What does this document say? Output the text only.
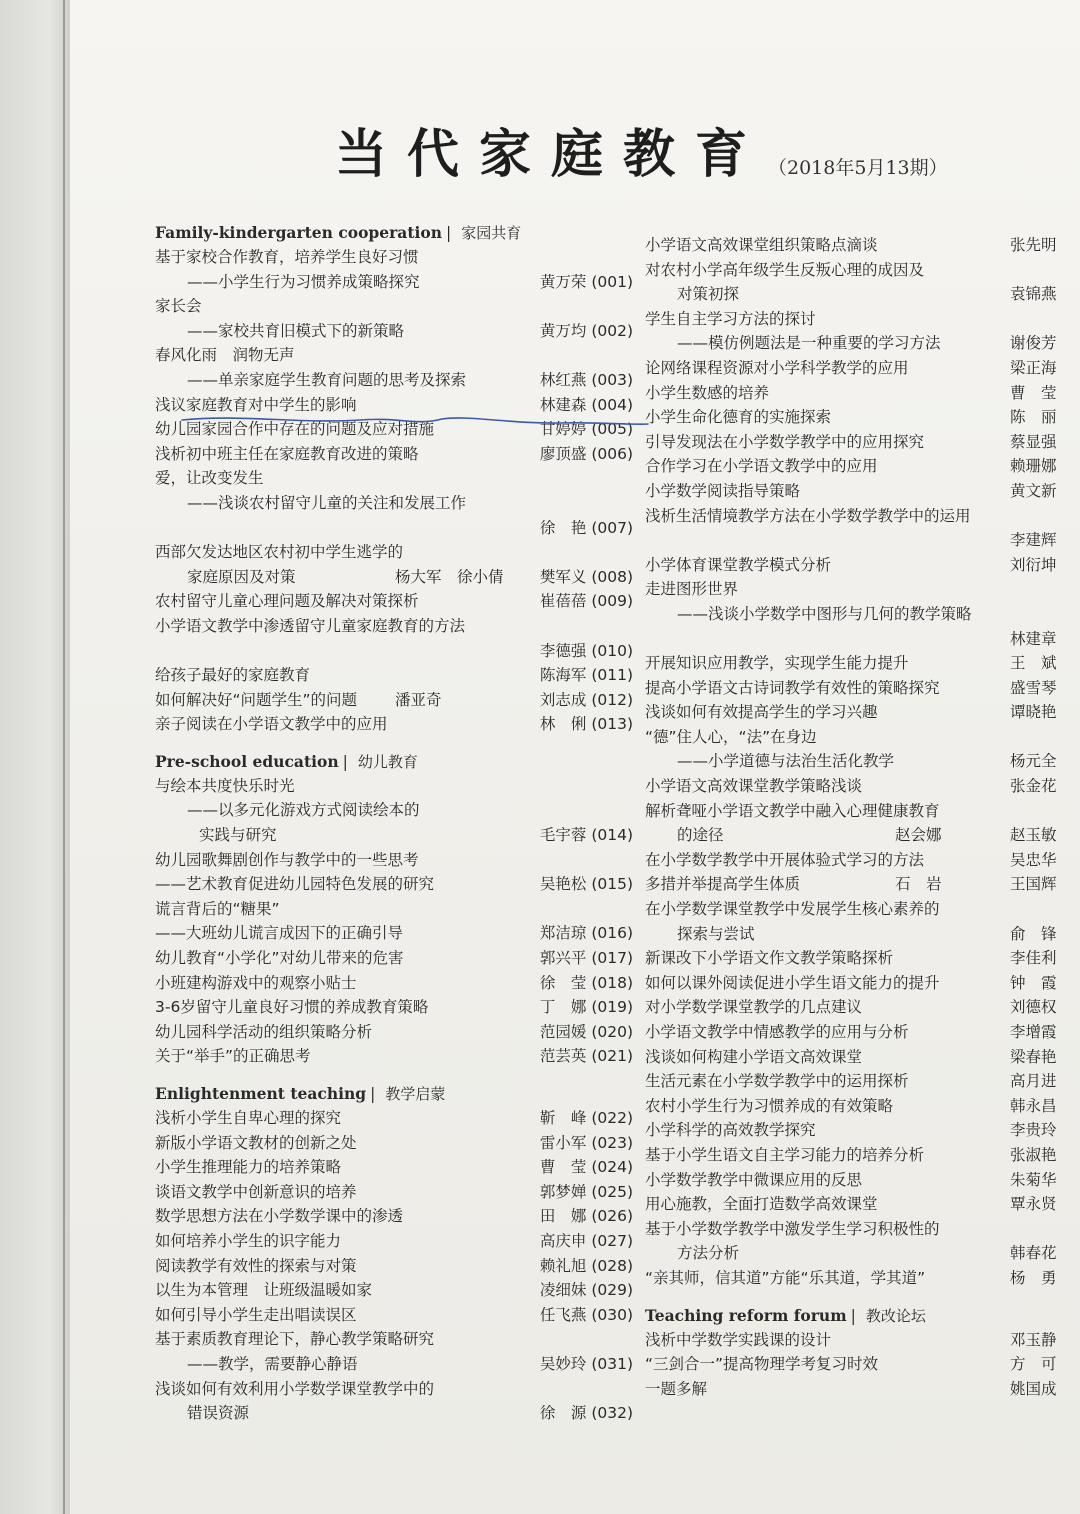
当代家庭教育 （2018年5月13期）
Family-kindergarten cooperation | 家园共育
基于家校合作教育，培养学生良好习惯
——小学生行为习惯养成策略探究	黄万荣 (001)
家长会
——家校共育旧模式下的新策略	黄万均 (002)
春风化雨　润物无声
——单亲家庭学生教育问题的思考及探索	林红燕 (003)
浅议家庭教育对中学生的影响	林建森 (004)
幼儿园家园合作中存在的问题及应对措施	甘婷婷 (005)
浅析初中班主任在家庭教育改进的策略	廖顶盛 (006)
爱，让改变发生
——浅谈农村留守儿童的关注和发展工作
徐　艳 (007)
西部欠发达地区农村初中学生逃学的
家庭原因及对策	杨大军　徐小倩 樊军义 (008)
农村留守儿童心理问题及解决对策探析	崔蓓蓓 (009)
小学语文教学中渗透留守儿童家庭教育的方法
李德强 (010)
给孩子最好的家庭教育	陈海军 (011)
如何解决好“问题学生”的问题 潘亚奇	刘志成 (012)
亲子阅读在小学语文教学中的应用	林　俐 (013)
Pre-school education | 幼儿教育
与绘本共度快乐时光
——以多元化游戏方式阅读绘本的
实践与研究	毛宇蓉 (014)
幼儿园歌舞剧创作与教学中的一些思考
——艺术教育促进幼儿园特色发展的研究	吴艳松 (015)
谎言背后的“糖果”
——大班幼儿谎言成因下的正确引导	郑洁琼 (016)
幼儿教育“小学化”对幼儿带来的危害	郭兴平 (017)
小班建构游戏中的观察小贴士	徐　莹 (018)
3-6岁留守儿童良好习惯的养成教育策略	丁　娜 (019)
幼儿园科学活动的组织策略分析	范园媛 (020)
关于“举手”的正确思考	范芸英 (021)
Enlightenment teaching | 教学启蒙
浅析小学生自卑心理的探究	靳　峰 (022)
新版小学语文教材的创新之处	雷小军 (023)
小学生推理能力的培养策略	曹　莹 (024)
谈语文教学中创新意识的培养	郭梦婵 (025)
数学思想方法在小学数学课中的渗透	田　娜 (026)
如何培养小学生的识字能力	高庆申 (027)
阅读教学有效性的探索与对策	赖礼旭 (028)
以生为本管理　让班级温暖如家	凌细妹 (029)
如何引导小学生走出唱读误区	任飞燕 (030)
基于素质教育理论下，静心教学策略研究
——教学，需要静心静语	吴妙玲 (031)
浅谈如何有效利用小学数学课堂教学中的
错误资源	徐　源 (032)
小学语文高效课堂组织策略点滴谈	张先明
对农村小学高年级学生反叛心理的成因及
对策初探	袁锦燕
学生自主学习方法的探讨
——模仿例题法是一种重要的学习方法	谢俊芳
论网络课程资源对小学科学教学的应用	梁正海
小学生数感的培养	曹　莹
小学生命化德育的实施探索	陈　丽
引导发现法在小学数学教学中的应用探究	蔡显强
合作学习在小学语文教学中的应用	赖珊娜
小学数学阅读指导策略	黄文新
浅析生活情境教学方法在小学数学教学中的运用
李建辉
小学体育课堂教学模式分析	刘衍坤
走进图形世界
——浅谈小学数学中图形与几何的教学策略
林建章
开展知识应用教学，实现学生能力提升	王　斌
提高小学语文古诗词教学有效性的策略探究	盛雪琴
浅谈如何有效提高学生的学习兴趣	谭晓艳
“德”住人心，“法”在身边
——小学道德与法治生活化教学	杨元全
小学语文高效课堂教学策略浅谈	张金花
解析聋哑小学语文教学中融入心理健康教育
的途径	赵会娜	赵玉敏
在小学数学教学中开展体验式学习的方法	吴忠华
多措并举提高学生体质	石　岩	王国辉
在小学数学课堂教学中发展学生核心素养的
探索与尝试	俞　锋
新课改下小学语文作文教学策略探析	李佳利
如何以课外阅读促进小学生语文能力的提升	钟　霞
对小学数学课堂教学的几点建议	刘德权
小学语文教学中情感教学的应用与分析	李增霞
浅谈如何构建小学语文高效课堂	梁春艳
生活元素在小学数学教学中的运用探析	高月进
农村小学生行为习惯养成的有效策略	韩永昌
小学科学的高效教学探究	李贵玲
基于小学生语文自主学习能力的培养分析	张淑艳
小学数学教学中微课应用的反思	朱菊华
用心施教，全面打造数学高效课堂	覃永贤
基于小学数学教学中激发学生学习积极性的
方法分析	韩春花
“亲其师，信其道”方能“乐其道，学其道”	杨　勇
Teaching reform forum | 教改论坛
浅析中学数学实践课的设计	邓玉静
“三剑合一”提高物理学考复习时效	方　可
一题多解	姚国成
